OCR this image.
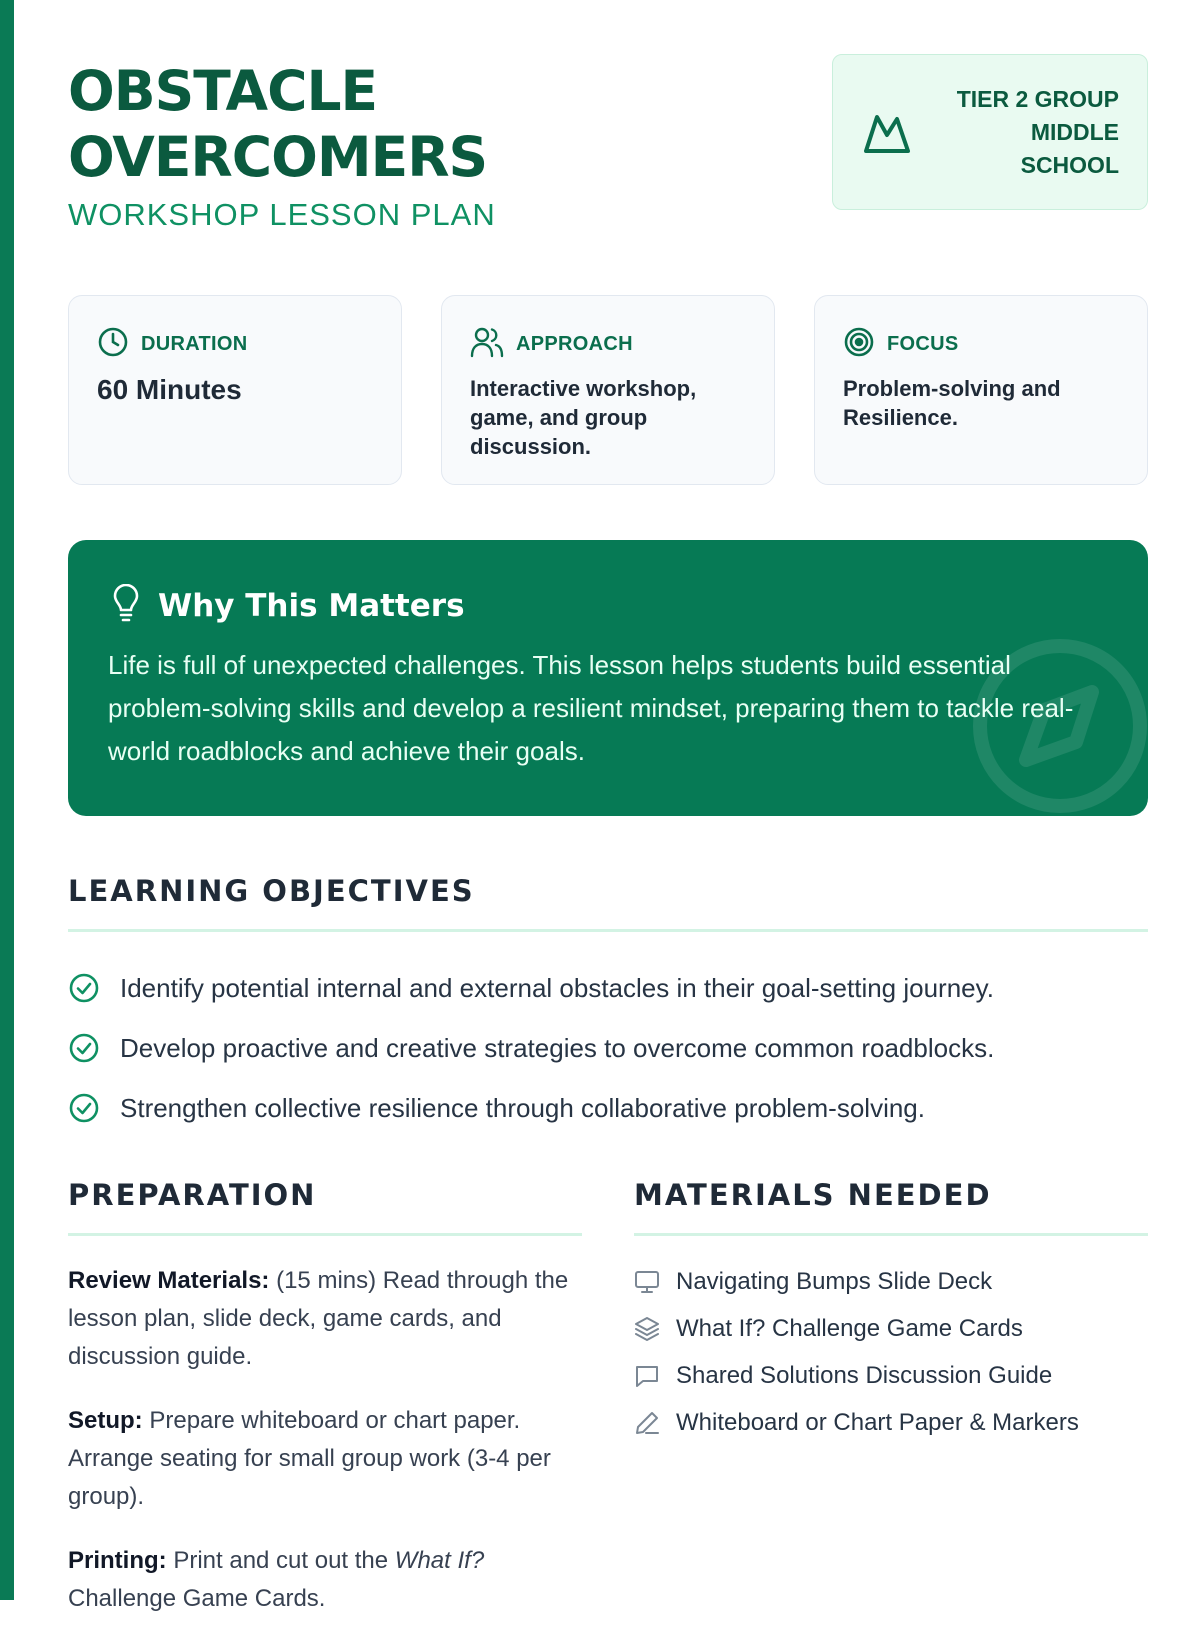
OBSTACLE
OVERCOMERS
WORKSHOP LESSON PLAN
TIER 2 GROUP
MIDDLE
SCHOOL
DURATION
60 Minutes
APPROACH
Interactive workshop, game, and group discussion.
FOCUS
Problem-solving and Resilience.
Why This Matters
Life is full of unexpected challenges. This lesson helps students build essential problem-solving skills and develop a resilient mindset, preparing them to tackle real-world roadblocks and achieve their goals.
LEARNING OBJECTIVES
Identify potential internal and external obstacles in their goal-setting journey.
Develop proactive and creative strategies to overcome common roadblocks.
Strengthen collective resilience through collaborative problem-solving.
PREPARATION

Review Materials: (15 mins) Read through the lesson plan, slide deck, game cards, and discussion guide.

Setup: Prepare whiteboard or chart paper. Arrange seating for small group work (3-4 per group).

Printing: Print and cut out the What If? Challenge Game Cards.

MATERIALS NEEDED
Navigating Bumps Slide Deck
What If? Challenge Game Cards
Shared Solutions Discussion Guide
Whiteboard or Chart Paper & Markers
